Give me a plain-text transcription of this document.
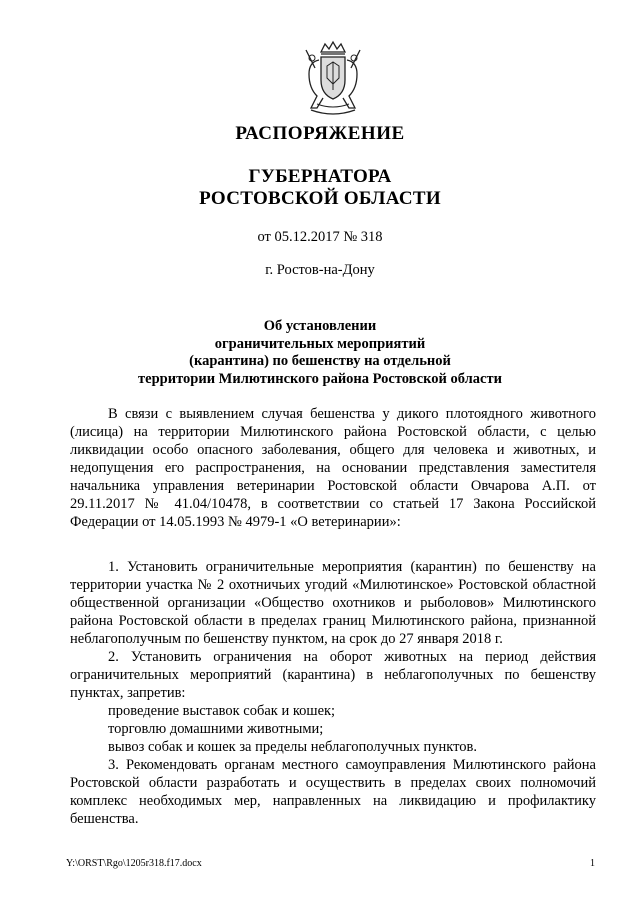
РАСПОРЯЖЕНИЕ
ГУБЕРНАТОРА
РОСТОВСКОЙ ОБЛАСТИ
от 05.12.2017 № 318
г. Ростов-на-Дону
Об установлении
ограничительных мероприятий
(карантина) по бешенству на отдельной
территории Милютинского района Ростовской области

В связи с выявлением случая бешенства у дикого плотоядного животного (лисица) на территории Милютинского района Ростовской области, с целью ликвидации особо опасного заболевания, общего для человека и животных, и недопущения его распространения, на основании представления заместителя начальника управления ветеринарии Ростовской области Овчарова А.П. от 29.11.2017 № 41.04/10478, в соответствии со статьей 17 Закона Российской Федерации от 14.05.1993 № 4979-1 «О ветеринарии»:

1. Установить ограничительные мероприятия (карантин) по бешенству на территории участка № 2 охотничьих угодий «Милютинское» Ростовской областной общественной организации «Общество охотников и рыболовов» Милютинского района Ростовской области в пределах границ Милютинского района, признанной неблагополучным по бешенству пунктом, на срок до 27 января 2018 г.

2. Установить ограничения на оборот животных на период действия ограничительных мероприятий (карантина) в неблагополучных по бешенству пунктах, запретив:

проведение выставок собак и кошек;

торговлю домашними животными;

вывоз собак и кошек за пределы неблагополучных пунктов.

3. Рекомендовать органам местного самоуправления Милютинского района Ростовской области разработать и осуществить в пределах своих полномочий комплекс необходимых мер, направленных на ликвидацию и профилактику бешенства.

Y:\ORST\Rgo\1205r318.f17.docx	1
